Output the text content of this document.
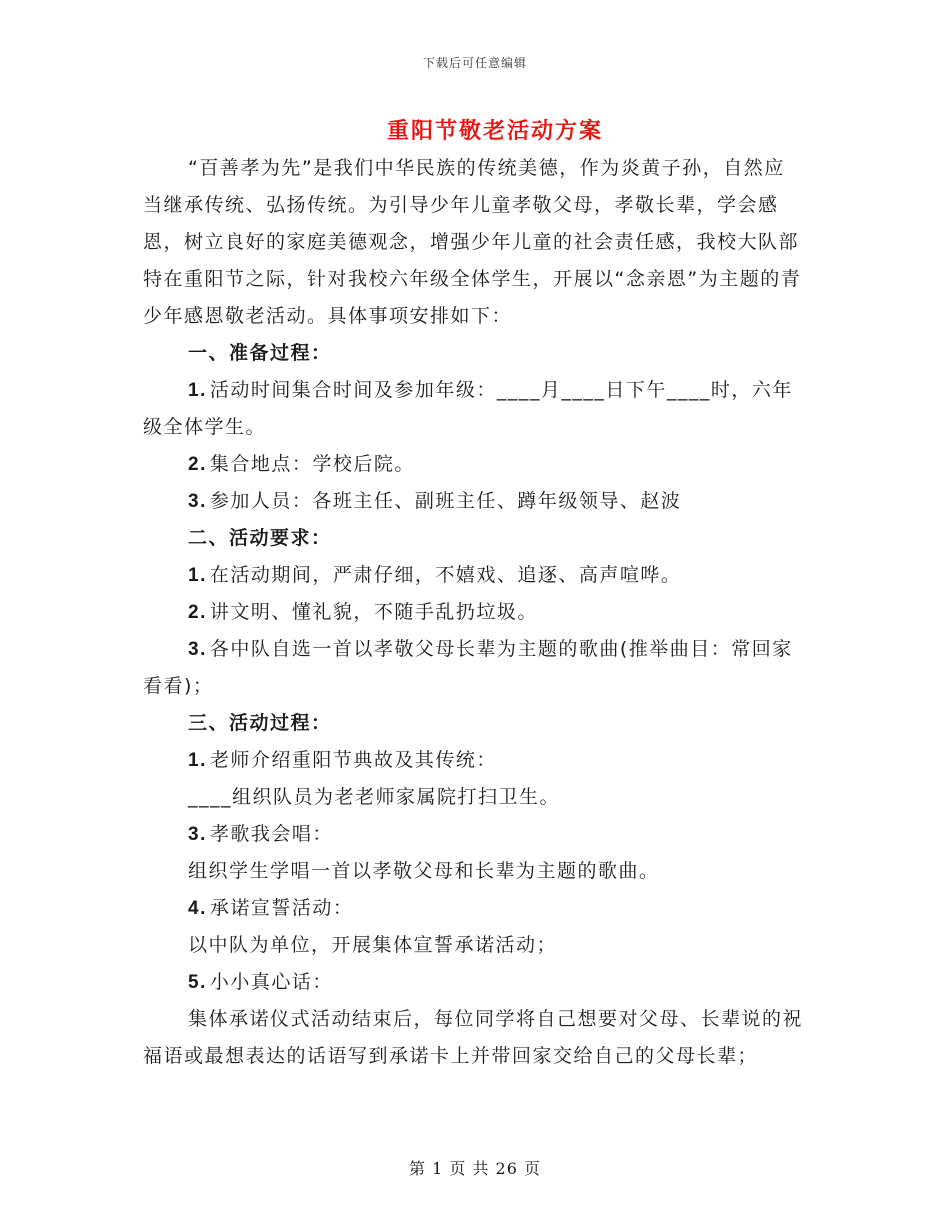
下载后可任意编辑
重阳节敬老活动方案

“百善孝为先”是我们中华民族的传统美德，作为炎黄子孙，自然应当继承传统、弘扬传统。为引导少年儿童孝敬父母，孝敬长辈，学会感恩，树立良好的家庭美德观念，增强少年儿童的社会责任感，我校大队部特在重阳节之际，针对我校六年级全体学生，开展以“念亲恩”为主题的青少年感恩敬老活动。具体事项安排如下：

一、准备过程：

1. 活动时间集合时间及参加年级：____月____日下午____时，六年级全体学生。

2. 集合地点：学校后院。

3. 参加人员：各班主任、副班主任、蹲年级领导、赵波

二、活动要求：

1. 在活动期间，严肃仔细，不嬉戏、追逐、高声喧哗。

2. 讲文明、懂礼貌，不随手乱扔垃圾。

3. 各中队自选一首以孝敬父母长辈为主题的歌曲(推举曲目：常回家看看)；

三、活动过程：

1. 老师介绍重阳节典故及其传统：

____组织队员为老老师家属院打扫卫生。

3. 孝歌我会唱：

组织学生学唱一首以孝敬父母和长辈为主题的歌曲。

4. 承诺宣誓活动：

以中队为单位，开展集体宣誓承诺活动；

5. 小小真心话：

集体承诺仪式活动结束后，每位同学将自己想要对父母、长辈说的祝福语或最想表达的话语写到承诺卡上并带回家交给自己的父母长辈；

第 1 页 共 26 页
